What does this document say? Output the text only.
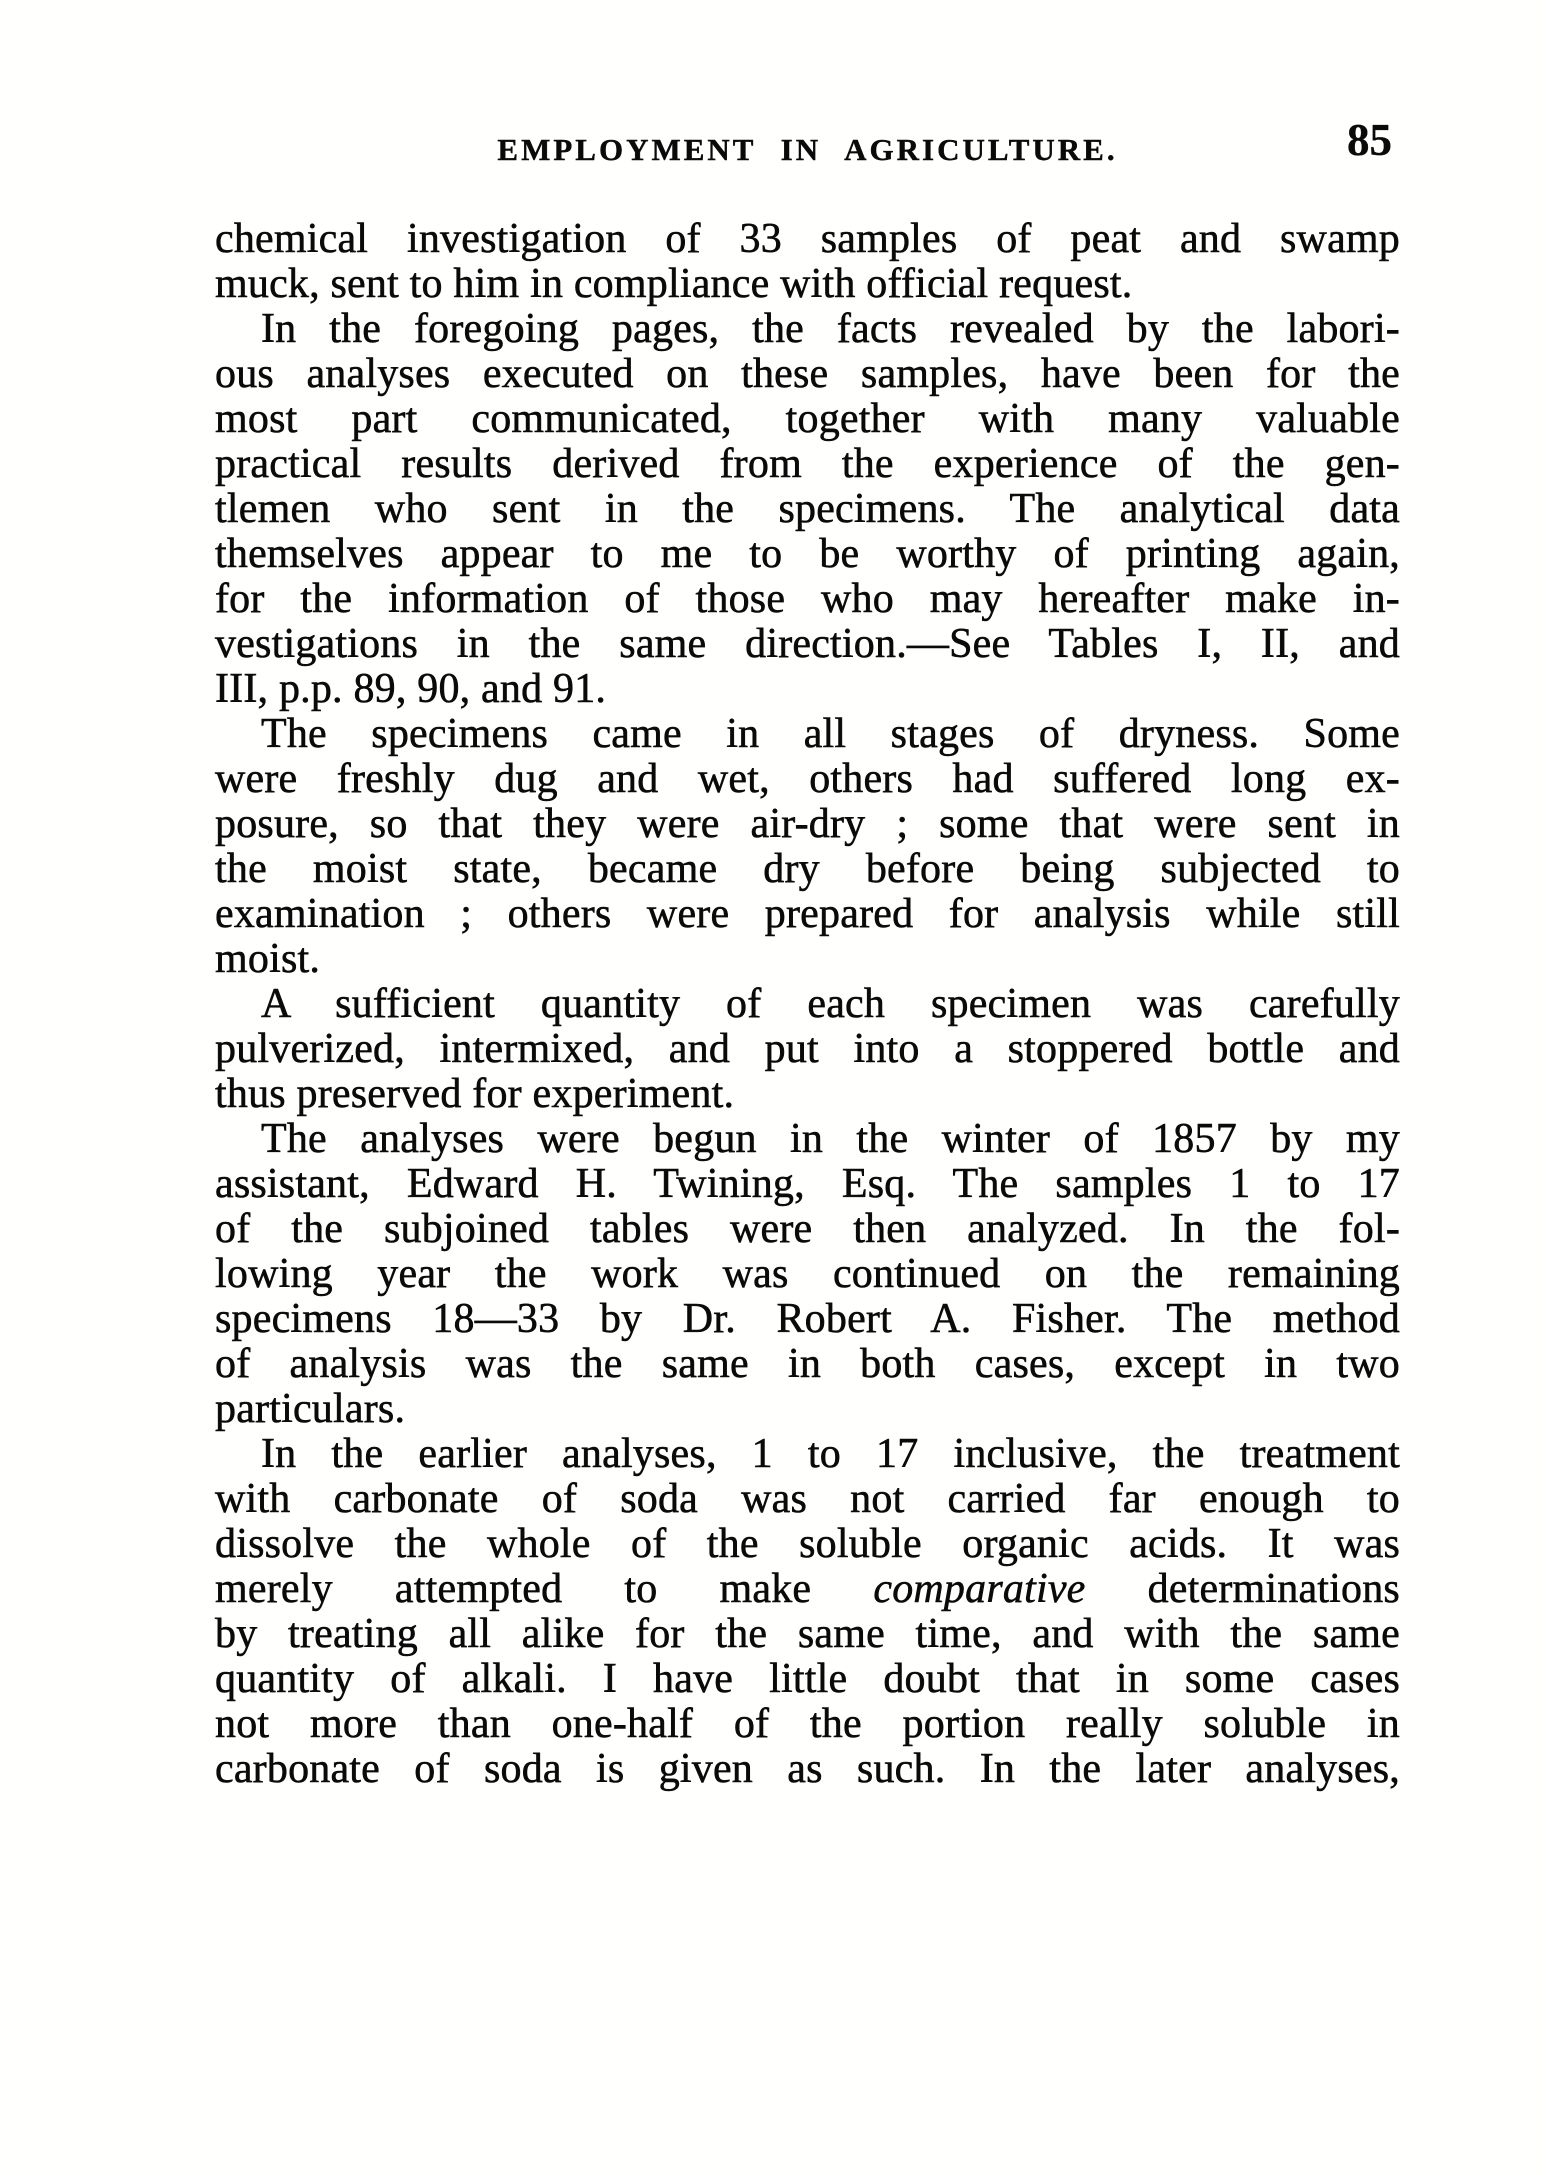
EMPLOYMENT IN AGRICULTURE.	85
chemical investigation of 33 samples of peat and swamp
muck, sent to him in compliance with official request.
In the foregoing pages, the facts revealed by the labori-
ous analyses executed on these samples, have been for the
most part communicated, together with many valuable
practical results derived from the experience of the gen-
tlemen who sent in the specimens. The analytical data
themselves appear to me to be worthy of printing again,
for the information of those who may hereafter make in-
vestigations in the same direction.—See Tables I, II, and
III, p.p. 89, 90, and 91.
The specimens came in all stages of dryness. Some
were freshly dug and wet, others had suffered long ex-
posure, so that they were air-dry ; some that were sent in
the moist state, became dry before being subjected to
examination ; others were prepared for analysis while still
moist.
A sufficient quantity of each specimen was carefully
pulverized, intermixed, and put into a stoppered bottle and
thus preserved for experiment.
The analyses were begun in the winter of 1857 by my
assistant, Edward H. Twining, Esq. The samples 1 to 17
of the subjoined tables were then analyzed. In the fol-
lowing year the work was continued on the remaining
specimens 18—33 by Dr. Robert A. Fisher. The method
of analysis was the same in both cases, except in two
particulars.
In the earlier analyses, 1 to 17 inclusive, the treatment
with carbonate of soda was not carried far enough to
dissolve the whole of the soluble organic acids. It was
merely attempted to make comparative determinations
by treating all alike for the same time, and with the same
quantity of alkali. I have little doubt that in some cases
not more than one-half of the portion really soluble in
carbonate of soda is given as such. In the later analyses,
